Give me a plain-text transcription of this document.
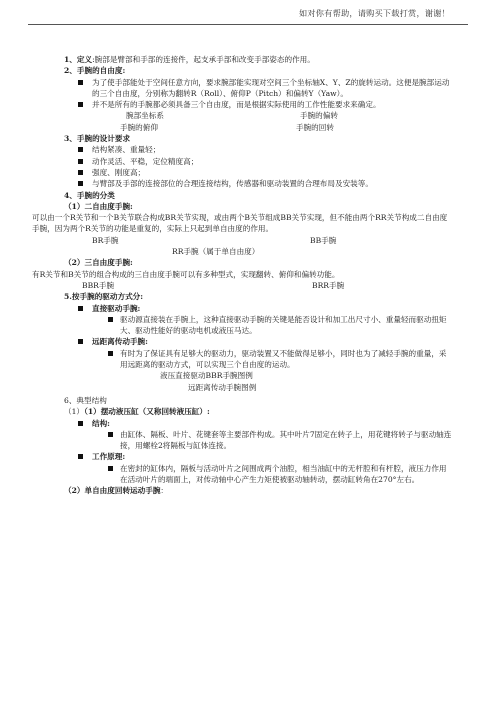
如对你有帮助，请购买下载打赏，谢谢！
1、定义:腕部是臂部和手部的连接件，起支承手部和改变手部姿态的作用。
2、手腕的自由度:
为了使手部能处于空间任意方向，要求腕部能实现对空间三个坐标轴X、Y、Z的旋转运动。这便是腕部运动的三个自由度，分别称为翻转R（Roll）、俯仰P（Pitch）和偏转Y（Yaw）。
并不是所有的手腕都必须具备三个自由度，而是根据实际使用的工作性能要求来确定。
腕部坐标系	手腕的偏转
手腕的俯仰	手腕的回转
3、手腕的设计要求
结构紧凑、重量轻；
动作灵活、平稳，定位精度高；
强度、刚度高；
与臂部及手部的连接部位的合理连接结构，传感器和驱动装置的合理布局及安装等。
4、手腕的分类
（1）二自由度手腕:
可以由一个R关节和一个B关节联合构成BR关节实现，或由两个B关节组成BB关节实现，但不能由两个RR关节构成二自由度手腕，因为两个R关节的功能是重复的，实际上只起到单自由度的作用。
BR手腕	BB手腕
RR手腕（属于单自由度）
（2）三自由度手腕:
有R关节和B关节的组合构成的三自由度手腕可以有多种型式，实现翻转、俯仰和偏转功能。
BBR手腕	BRR手腕
5.按手腕的驱动方式分:
直接驱动手腕:
驱动源直接装在手腕上，这种直接驱动手腕的关键是能否设计和加工出尺寸小、重量轻而驱动扭矩大、驱动性能好的驱动电机或液压马达。
远距离传动手腕:
有时为了保证具有足够大的驱动力，驱动装置又不能做得足够小，同时也为了减轻手腕的重量，采用远距离的驱动方式，可以实现三个自由度的运动。
液压直接驱动BBR手腕图例
远距离传动手腕图例
6、典型结构
（1）（1）摆动液压缸（又称回转液压缸）:
结构:
由缸体、隔板、叶片、花键套等主要部件构成。其中叶片7固定在转子上，用花键将转子与驱动轴连接，用螺栓2将隔板与缸体连接。
工作原理:
在密封的缸体内，隔板与活动叶片之间围成两个油腔，相当油缸中的无杆腔和有杆腔，液压力作用在活动叶片的端面上，对传动轴中心产生力矩使被驱动轴转动，摆动缸转角在270°左右。
（2）单自由度回转运动手腕：
